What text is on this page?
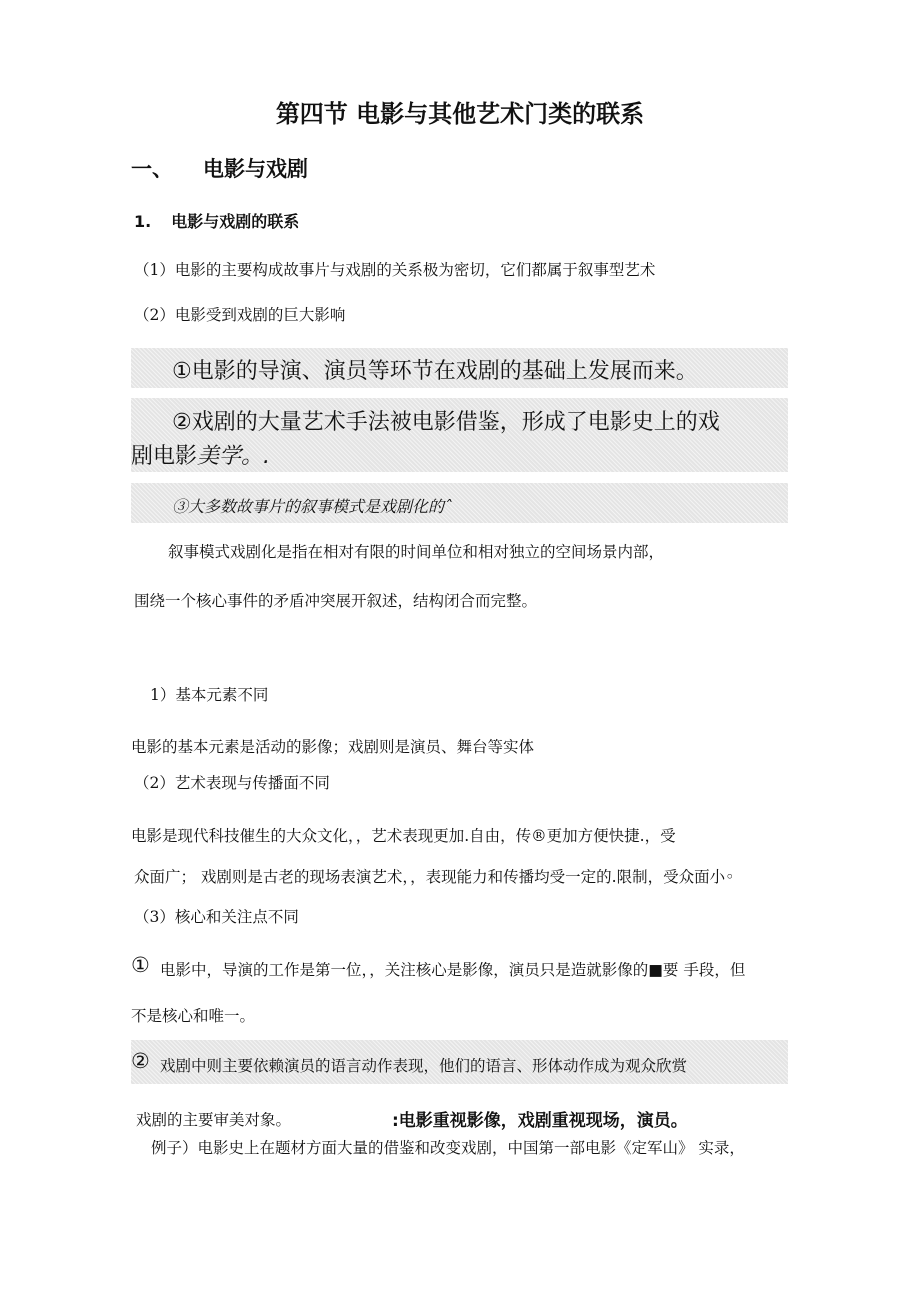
第四节 电影与其他艺术门类的联系
一、 电影与戏剧
1. 电影与戏剧的联系
（1）电影的主要构成故事片与戏剧的关系极为密切，它们都属于叙事型艺术
（2）电影受到戏剧的巨大影响
①电影的导演、演员等环节在戏剧的基础上发展而来。
②戏剧的大量艺术手法被电影借鉴，形成了电影史上的戏
剧电影美学。.
③大多数故事片的叙事模式是戏剧化的ˆ
叙事模式戏剧化是指在相对有限的时间单位和相对独立的空间场景内部，
围绕一个核心事件的矛盾冲突展开叙述，结构闭合而完整。
1）基本元素不同
电影的基本元素是活动的影像；戏剧则是演员、舞台等实体
（2）艺术表现与传播面不同
电影是现代科技催生的大众文化，，艺术表现更加.自由，传®更加方便快捷.，受
众面广； 戏剧则是古老的现场表演艺术，，表现能力和传播均受一定的.限制，受众面小◦
（3）核心和关注点不同
① 电影中，导演的工作是第一位，，关注核心是影像，演员只是造就影像的■要 手段，但
不是核心和唯一。
② 戏剧中则主要依赖演员的语言动作表现，他们的语言、形体动作成为观众欣赏
戏剧的主要审美对象。	:电影重视影像，戏剧重视现场，演员。
例子）电影史上在题材方面大量的借鉴和改变戏剧，中国第一部电影《定军山》 实录，
